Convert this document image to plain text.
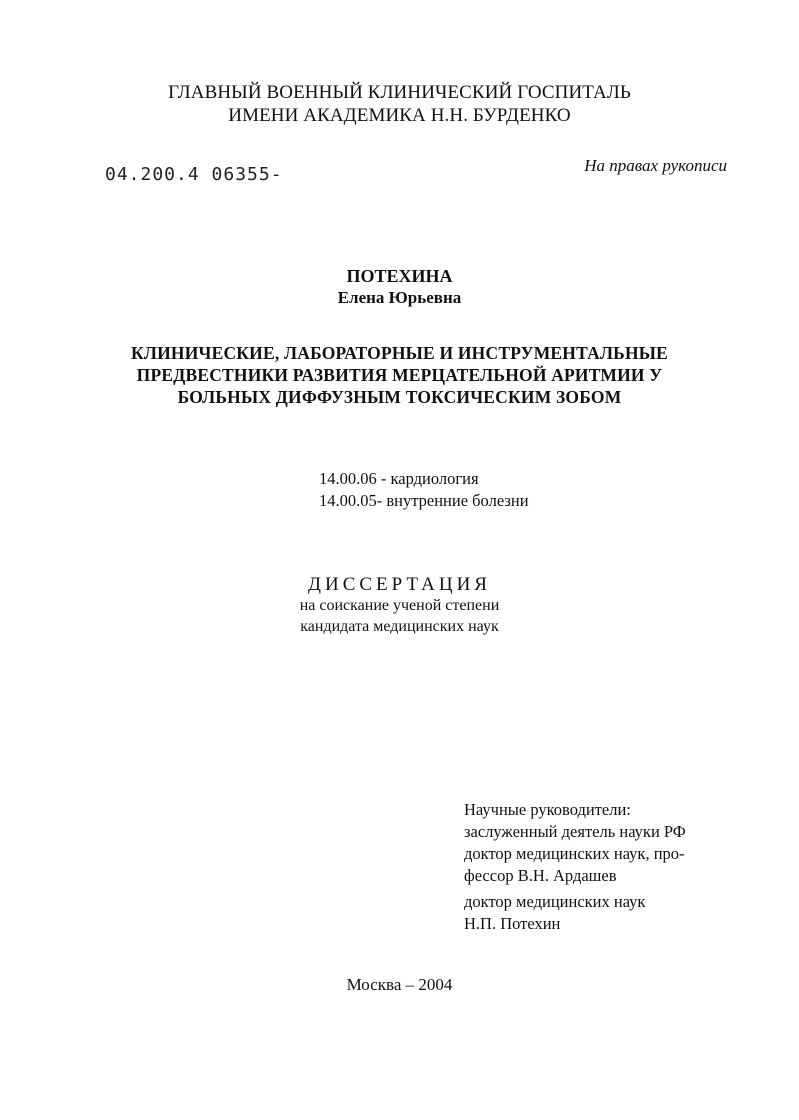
ГЛАВНЫЙ ВОЕННЫЙ КЛИНИЧЕСКИЙ ГОСПИТАЛЬ
ИМЕНИ АКАДЕМИКА Н.Н. БУРДЕНКО
04.200.4 06355-	На правах рукописи
ПОТЕХИНА
Елена Юрьевна
КЛИНИЧЕСКИЕ, ЛАБОРАТОРНЫЕ И ИНСТРУМЕНТАЛЬНЫЕ
ПРЕДВЕСТНИКИ РАЗВИТИЯ МЕРЦАТЕЛЬНОЙ АРИТМИИ У
БОЛЬНЫХ ДИФФУЗНЫМ ТОКСИЧЕСКИМ ЗОБОМ
14.00.06 - кардиология
14.00.05- внутренние болезни
ДИССЕРТАЦИЯ
на соискание ученой степени
кандидата медицинских наук
Научные руководители:
заслуженный деятель науки РФ
доктор медицинских наук, про-
фессор В.Н. Ардашев
доктор медицинских наук
Н.П. Потехин
Москва – 2004
